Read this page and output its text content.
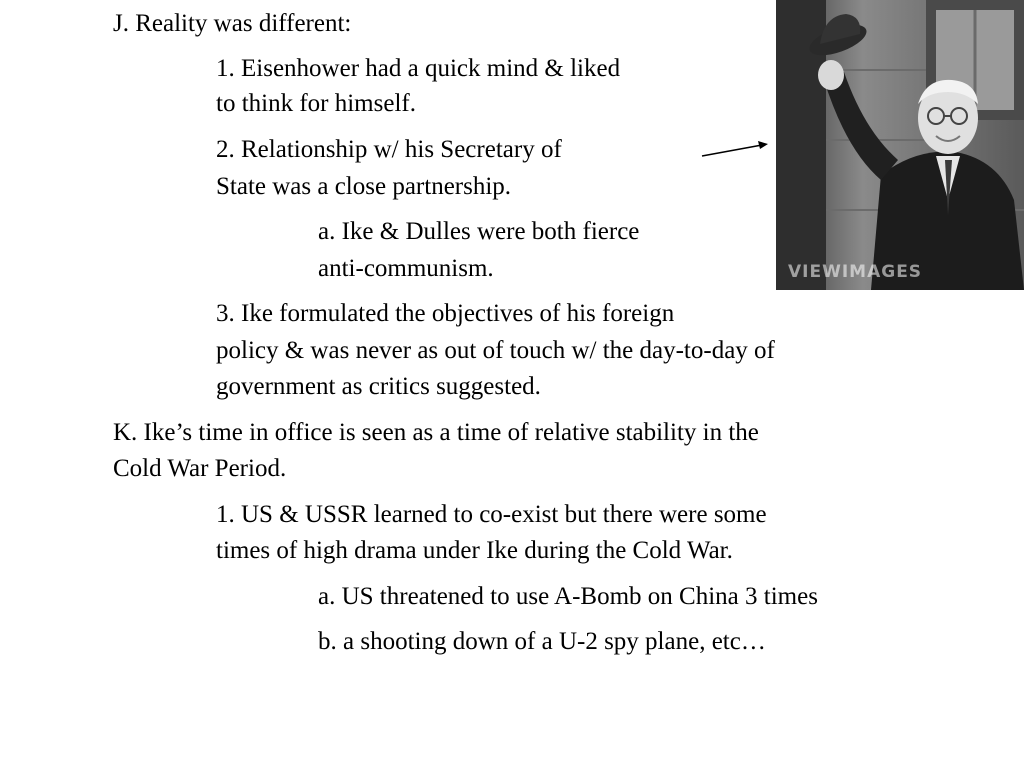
VIEWIMAGES
J. Reality was different:
1. Eisenhower had a quick mind & liked
to think for himself.
2. Relationship w/ his Secretary of
State was a close partnership.
a. Ike & Dulles were both fierce
anti-communism.
3. Ike formulated the objectives of his foreign
policy & was never as out of touch w/ the day-to-day of
government as critics suggested.
K. Ike’s time in office is seen as a time of relative stability in the
Cold War Period.
1. US & USSR learned to co-exist but there were some
times of high drama under Ike during the Cold War.
a. US threatened to use A-Bomb on China 3 times
b. a shooting down of a U-2 spy plane, etc…
